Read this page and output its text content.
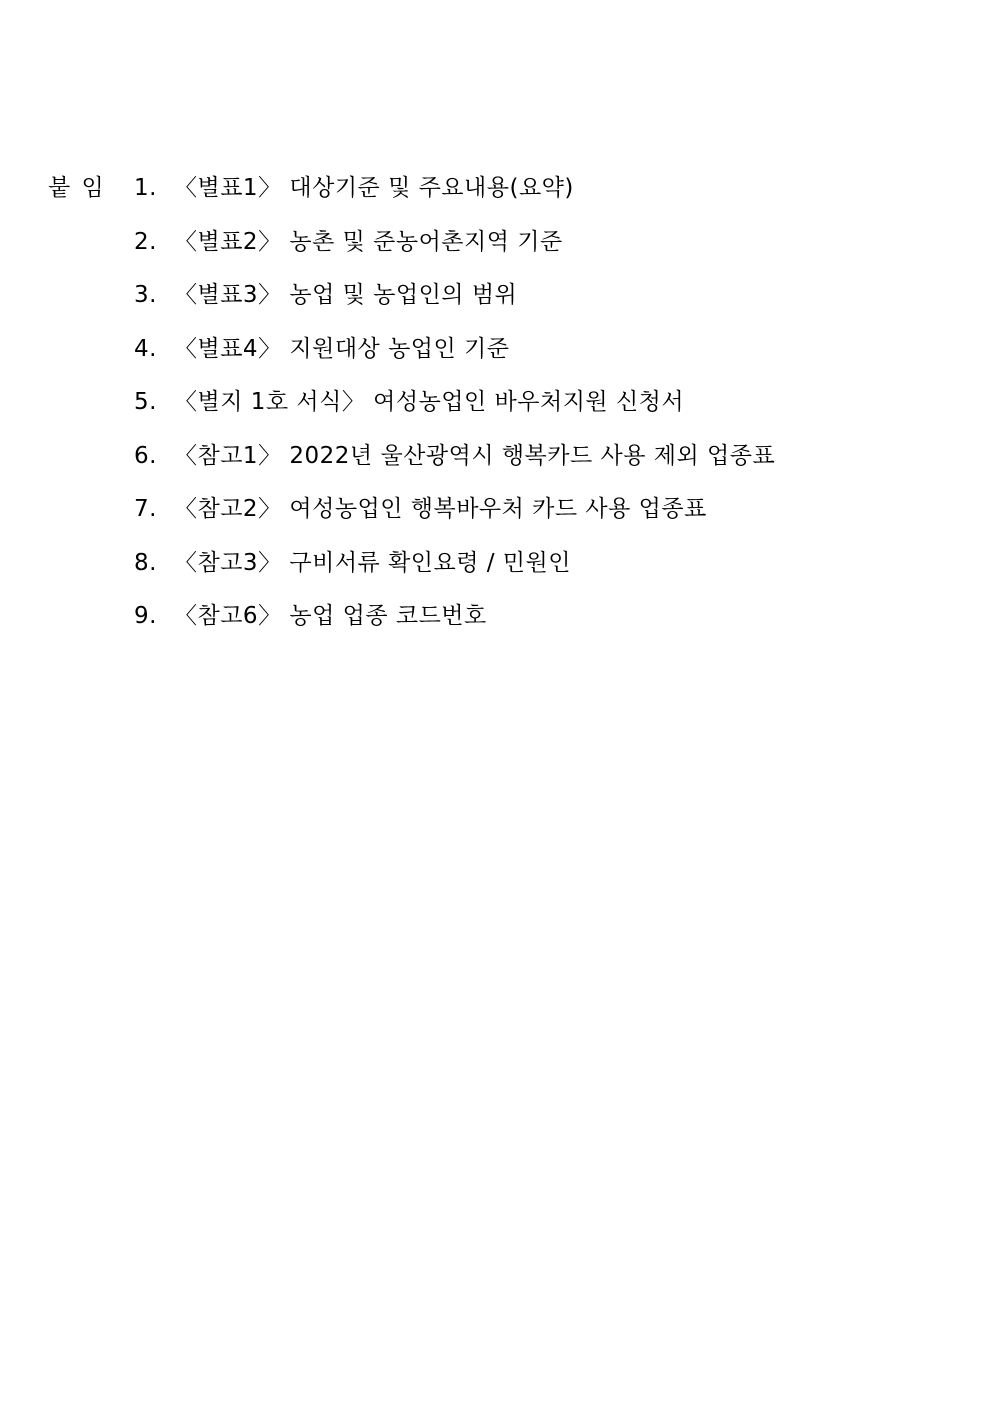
붙 임 1. 〈별표1〉 대상기준 및 주요내용(요약)
2. 〈별표2〉 농촌 및 준농어촌지역 기준
3. 〈별표3〉 농업 및 농업인의 범위
4. 〈별표4〉 지원대상 농업인 기준
5. 〈별지 1호 서식〉 여성농업인 바우처지원 신청서
6. 〈참고1〉 2022년 울산광역시 행복카드 사용 제외 업종표
7. 〈참고2〉 여성농업인 행복바우처 카드 사용 업종표
8. 〈참고3〉 구비서류 확인요령 / 민원인
9. 〈참고6〉 농업 업종 코드번호
